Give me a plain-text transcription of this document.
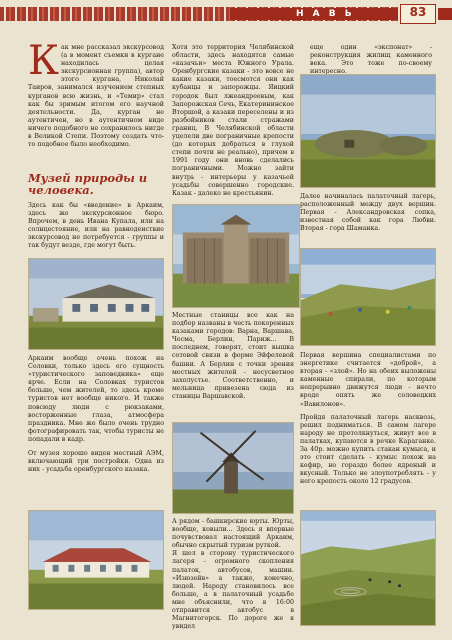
Н А В Ь	83
К ак мне рассказал экскурсовод (а в момент съемки в кургане находилась целая экскурсионная группа), автор этого кургана, Николай Таиров, занимался изучением степных курганов всю жизнь, и «Темир» стал как бы зримым итогом его научной деятельности. Да, курган не аутентичен, но в аутентичном виде ничего подобного не сохранилось нигде в Великой Степи. Поэтому создать что-то подобное было необходимо.

Музей природы и человека.

Здесь как бы «введение» в Аркаим, здесь же экскурсионное бюро. Впрочем, в день Ивана Купала, или на солнцестояние, или на равноденствие экскурсовод не потребуется - группы и так будут везде, где могут быть.

Аркаим вообще очень похож на Соловки, только здесь его сущность «туристического заповедника» еще ярче. Если на Соловках туристов больше, чем жителей, то здесь кроме туристов нет вообще никого. И также повсюду люди с рюкзаками, восторженные глаза, атмосфера праздника. Мне же было очень трудно фотографировать так, чтобы туристы не попадали в кадр.

От музея хорошо виден местный АЭМ, включающий три постройки. Одна из них - усадьба оренбургского казака.

Хотя это территория Челябинской области, здесь находятся самые «казачьи» места Южного Урала. Оренбургские казаки - это вовсе не какие казаки, тоесмотся они как кубанцы и запорожцы. Яицкий городок был лжеандреевым, как Запорожская Сечь, Екатерининское Вторшой, а казаки переселены и из разбойников стали стражами границ. В Челябинской области уцелели две пограничные крепости (до которых добраться в глухой степи почти не реально), причем в 1991 году они вновь сделались пограничными. Можно зайти внутрь - интерьеры у казачьей усадьбы совершенно городские. Казак - далеко не крестьянин.

еще один «экспонат» - реконструкция жилищ каменного века. Это тоже по-своему интересно.

Далее начиналась палаточный лагерь, расположенный между двух вершин. Первая - Александровская сопка, известная собой как гора Любви. Вторая - гора Шаманка.

Местные станицы все как на подбор названы в честь покоренных казаками городов: Варна, Варшава, Чесма, Берлин, Париж... В последнем, говорят, стоит вышка сотовой связи в форме Эйфелевой башни. А Берлин с точки зрения местных жителей - несусветное захолустье. Соответственно, и мельница привезена сюда из станицы Варшавской.

А рядом - башкирские юрты. Юрты, вообще, ковыли... Здесь я впервые почувствовал настоящий Аркаим, обычно скрытый туризм руткой.
Я шел в сторону туристического лагеря - огромного скопления палаток, автобусов, машин. «Изюзейв» а также, конечно, людей. Народу становилось все больше, а в палаточный усадьбе мне объяснили, что в 16:00 отправится автобус в Магнитогорск. По дороге же я увидел

Первая вершина специалистами по энергетике считается «доброй», а вторая - «злой». Но на обеих выложены каменные спирали, по которым непрерывно движутся люди - нечто вроде опять же соловецких «Вавилонов».

Пройдя палаточный лагерь насквозь, решил подниматься. В самом лагере народу не протолкнуться, живут все в палатках, купаются в речке Караганке. За 40р. можно купить стакан кумыса, и это стоит сделать - кумыс похож на кефир, но гораздо более ядреный и вкусный. Только не злоупотреблять - у него крепость около 12 градусов.
